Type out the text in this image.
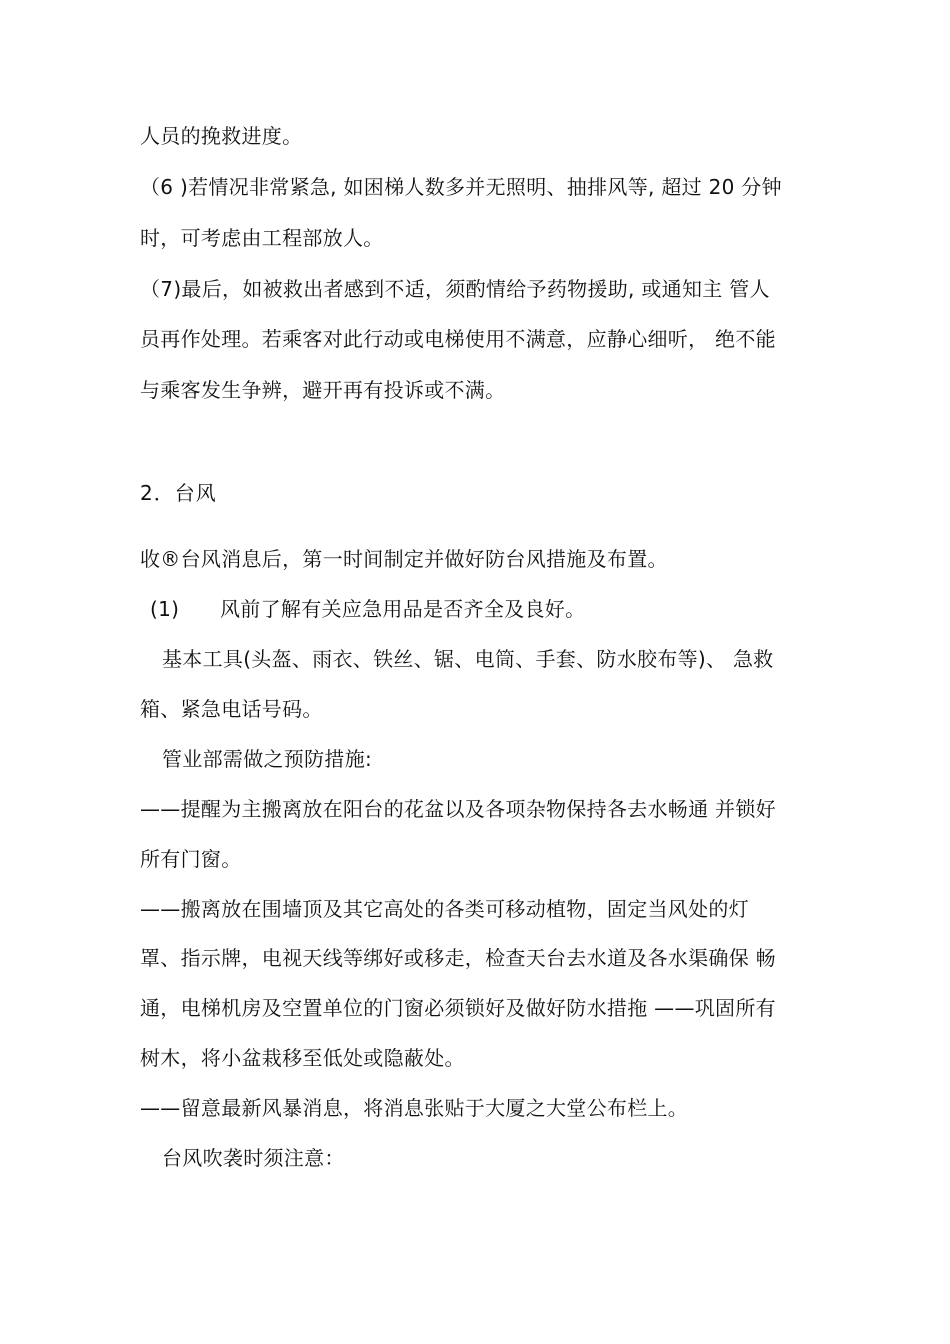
人员的挽救进度。
（6 )若情况非常紧急, 如困梯人数多并无照明、抽排风等, 超过 20 分钟
时，可考虑由工程部放人。
（7)最后，如被救出者感到不适，须酌情给予药物援助, 或通知主 管人
员再作处理。若乘客对此行动或电梯使用不满意，应静心细听， 绝不能
与乘客发生争辨，避开再有投诉或不满。
2．台风
收®台风消息后，第一时间制定并做好防台风措施及布置。
(1) 风前了解有关应急用品是否齐全及良好。
基本工具(头盔、雨衣、铁丝、锯、电筒、手套、防水胶布等)、 急救
箱、紧急电话号码。
管业部需做之预防措施:
——提醒为主搬离放在阳台的花盆以及各项杂物保持各去水畅通 并锁好
所有门窗。
——搬离放在围墙顶及其它高处的各类可移动植物，固定当风处的灯
罩、指示牌，电视天线等绑好或移走，检查天台去水道及各水渠确保 畅
通，电梯机房及空置单位的门窗必须锁好及做好防水措拖 ——巩固所有
树木，将小盆栽移至低处或隐蔽处。
——留意最新风暴消息，将消息张贴于大厦之大堂公布栏上。
台风吹袭时须注意：
